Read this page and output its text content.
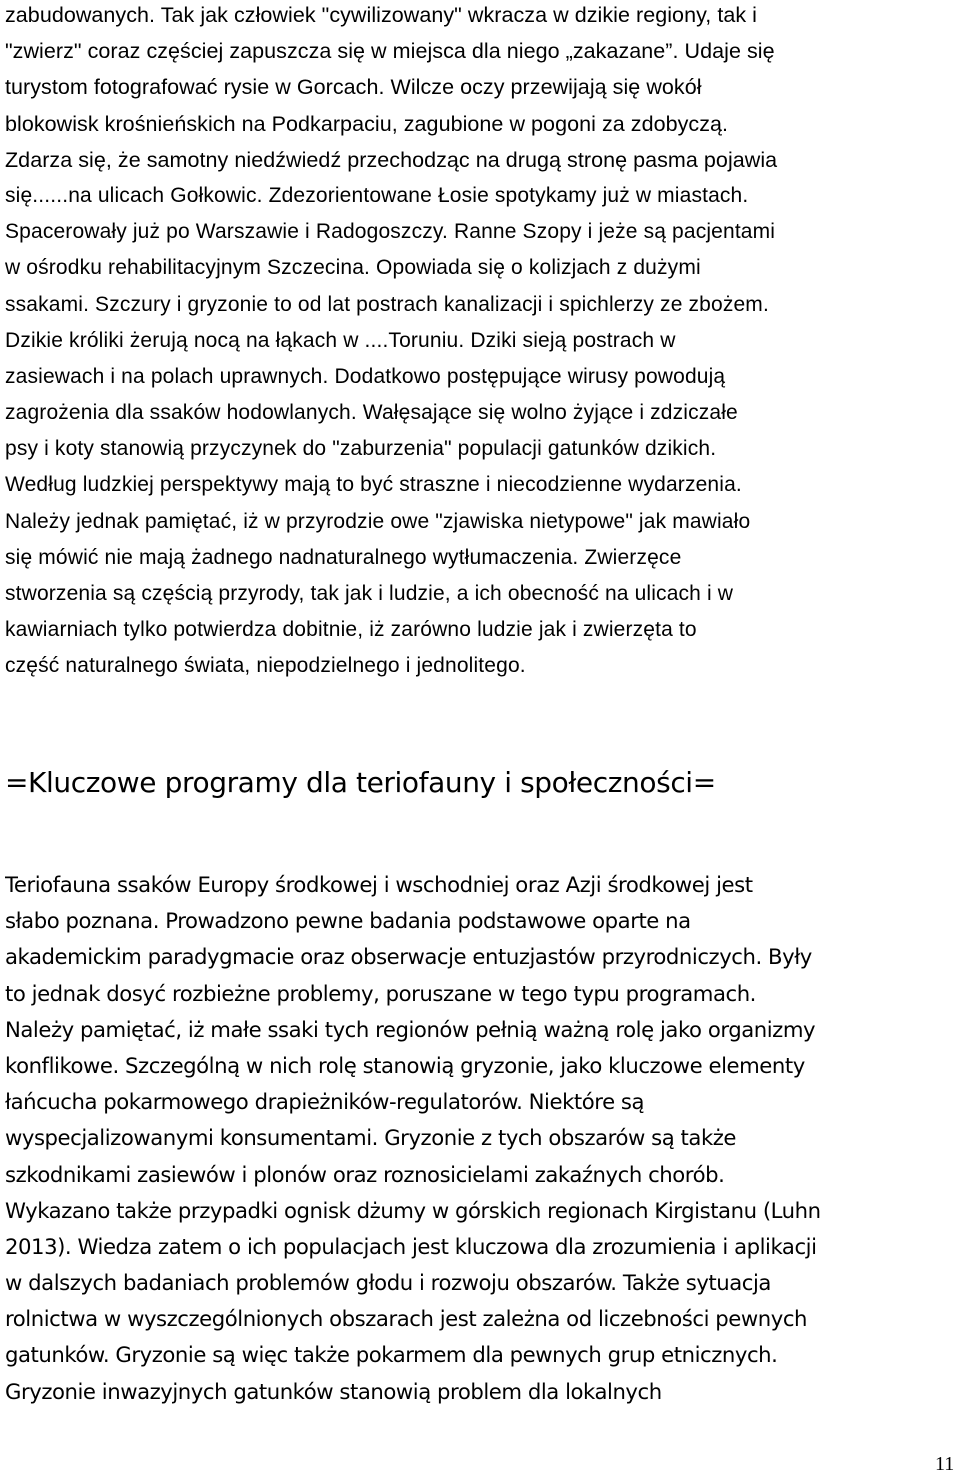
zabudowanych. Tak jak człowiek "cywilizowany" wkracza w dzikie regiony, tak i
"zwierz" coraz częściej zapuszcza się w miejsca dla niego „zakazane”. Udaje się
turystom fotografować rysie w Gorcach. Wilcze oczy przewijają się wokół
blokowisk krośnieńskich na Podkarpaciu, zagubione w pogoni za zdobyczą.
Zdarza się, że samotny niedźwiedź przechodząc na drugą stronę pasma pojawia
się......na ulicach Gołkowic. Zdezorientowane Łosie spotykamy już w miastach.
Spacerowały już po Warszawie i Radogoszczy. Ranne Szopy i jeże są pacjentami
w ośrodku rehabilitacyjnym Szczecina. Opowiada się o kolizjach z dużymi
ssakami. Szczury i gryzonie to od lat postrach kanalizacji i spichlerzy ze zbożem.
Dzikie króliki żerują nocą na łąkach w ....Toruniu. Dziki sieją postrach w
zasiewach i na polach uprawnych. Dodatkowo postępujące wirusy powodują
zagrożenia dla ssaków hodowlanych. Wałęsające się wolno żyjące i zdziczałe
psy i koty stanowią przyczynek do "zaburzenia" populacji gatunków dzikich.
Według ludzkiej perspektywy mają to być straszne i niecodzienne wydarzenia.
Należy jednak pamiętać, iż w przyrodzie owe "zjawiska nietypowe" jak mawiało
się mówić nie mają żadnego nadnaturalnego wytłumaczenia. Zwierzęce
stworzenia są częścią przyrody, tak jak i ludzie, a ich obecność na ulicach i w
kawiarniach tylko potwierdza dobitnie, iż zarówno ludzie jak i zwierzęta to
część naturalnego świata, niepodzielnego i jednolitego.
=Kluczowe programy dla teriofauny i społeczności=
Teriofauna ssaków Europy środkowej i wschodniej oraz Azji środkowej jest
słabo poznana. Prowadzono pewne badania podstawowe oparte na
akademickim paradygmacie oraz obserwacje entuzjastów przyrodniczych. Były
to jednak dosyć rozbieżne problemy, poruszane w tego typu programach.
Należy pamiętać, iż małe ssaki tych regionów pełnią ważną rolę jako organizmy
konflikowe. Szczególną w nich rolę stanowią gryzonie, jako kluczowe elementy
łańcucha pokarmowego drapieżników-regulatorów. Niektóre są
wyspecjalizowanymi konsumentami. Gryzonie z tych obszarów są także
szkodnikami zasiewów i plonów oraz roznosicielami zakaźnych chorób.
Wykazano także przypadki ognisk dżumy w górskich regionach Kirgistanu (Luhn
2013). Wiedza zatem o ich populacjach jest kluczowa dla zrozumienia i aplikacji
w dalszych badaniach problemów głodu i rozwoju obszarów. Także sytuacja
rolnictwa w wyszczególnionych obszarach jest zależna od liczebności pewnych
gatunków. Gryzonie są więc także pokarmem dla pewnych grup etnicznych.
Gryzonie inwazyjnych gatunków stanowią problem dla lokalnych
11
